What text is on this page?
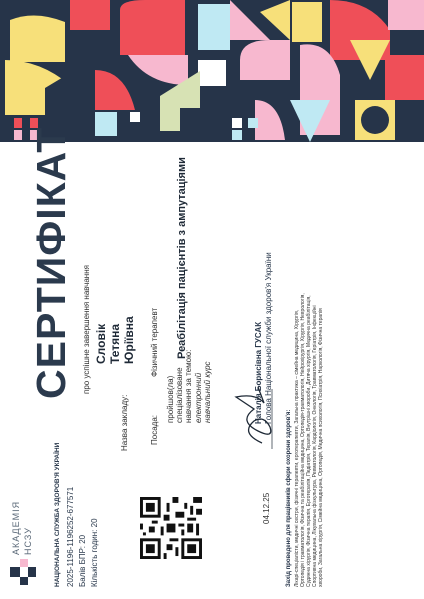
СЕРТИФІКАТ про успішне завершення навчання Словік Тетяна Юріївна
Назва закладу:	Посада:
Фізичний терапевт
пройшов(ла) спеціалізоване навчання за темою: електронний навчальний курс
Реабілітація пацієнтів з ампутаціями
Наталія Борисівна ГУСАК Голова Національної служби здоров'я України
04.12.25
АКАДЕМІЯ НСЗУ	НАЦІОНАЛЬНА СЛУЖБА ЗДОРОВ'Я УКРАЇНИ 2025-1196-1196252-677571 Балів БПР: 20 Кількість годин: 20	Захід проведено для працівників сфери охорони здоров'я: Лікарі-спеціалісти, медичні сестри, фізичні терапевти, ерготерапевти, Загальна практика – сімейна медицина, Хірургія, Ортопедія і травматологія, Фізична та реабілітаційна медицина, Ортопедія-травматологія, Нейрохірургія, Хірургія, Неврологія, Судинна хірургія, Фізична терапія, Ерготерапія, Педіатрія, Терапія, Внутрішні хвороби, Дитяча хірургія, Медична реабілітація, Спортивна медицина, Лікувальна фізкультура, Ревматологія, Кардіологія, Онкологія, Травматологія, Геріатрія, Інфекційні хвороби, Загальна хірургія, Сімейна медицина, Ортопедія, Медична психологія, Психіатрія, Наркологія, Фізична терапія
